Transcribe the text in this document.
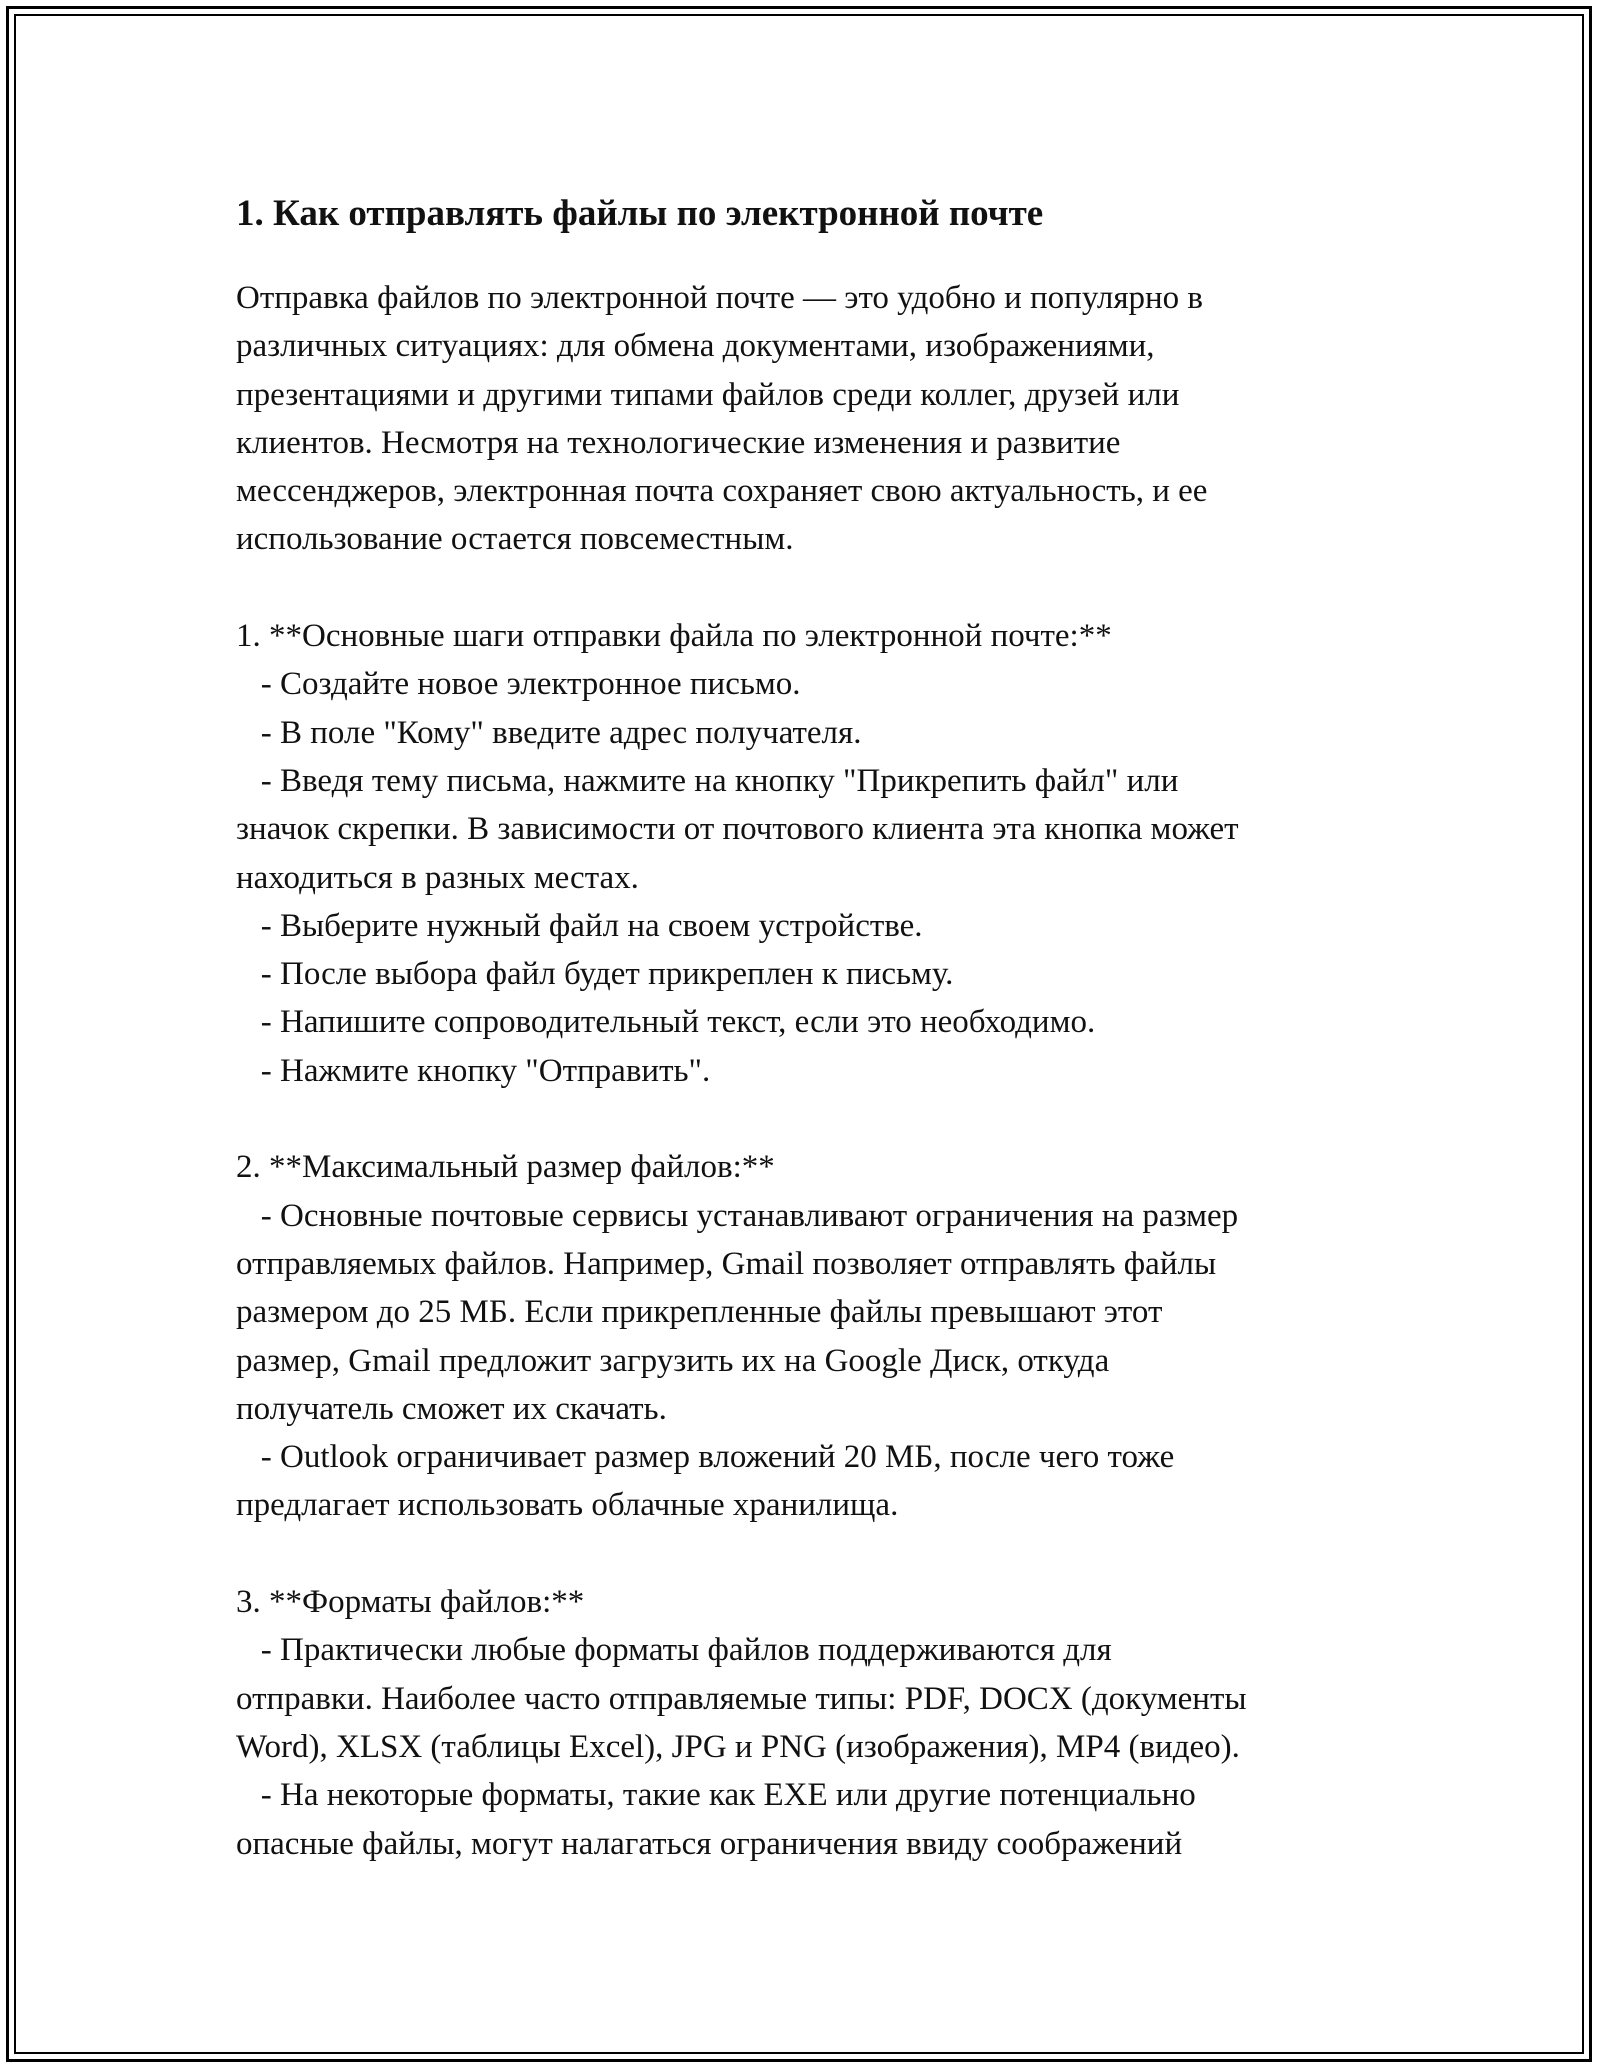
1. Как отправлять файлы по электронной почте
Отправка файлов по электронной почте — это удобно и популярно в
различных ситуациях: для обмена документами, изображениями,
презентациями и другими типами файлов среди коллег, друзей или
клиентов. Несмотря на технологические изменения и развитие
мессенджеров, электронная почта сохраняет свою актуальность, и ее
использование остается повсеместным.
1. **Основные шаги отправки файла по электронной почте:**
- Создайте новое электронное письмо.
- В поле "Кому" введите адрес получателя.
- Введя тему письма, нажмите на кнопку "Прикрепить файл" или
значок скрепки. В зависимости от почтового клиента эта кнопка может
находиться в разных местах.
- Выберите нужный файл на своем устройстве.
- После выбора файл будет прикреплен к письму.
- Напишите сопроводительный текст, если это необходимо.
- Нажмите кнопку "Отправить".
2. **Максимальный размер файлов:**
- Основные почтовые сервисы устанавливают ограничения на размер
отправляемых файлов. Например, Gmail позволяет отправлять файлы
размером до 25 МБ. Если прикрепленные файлы превышают этот
размер, Gmail предложит загрузить их на Google Диск, откуда
получатель сможет их скачать.
- Outlook ограничивает размер вложений 20 МБ, после чего тоже
предлагает использовать облачные хранилища.
3. **Форматы файлов:**
- Практически любые форматы файлов поддерживаются для
отправки. Наиболее часто отправляемые типы: PDF, DOCX (документы
Word), XLSX (таблицы Excel), JPG и PNG (изображения), MP4 (видео).
- На некоторые форматы, такие как EXE или другие потенциально
опасные файлы, могут налагаться ограничения ввиду соображений
